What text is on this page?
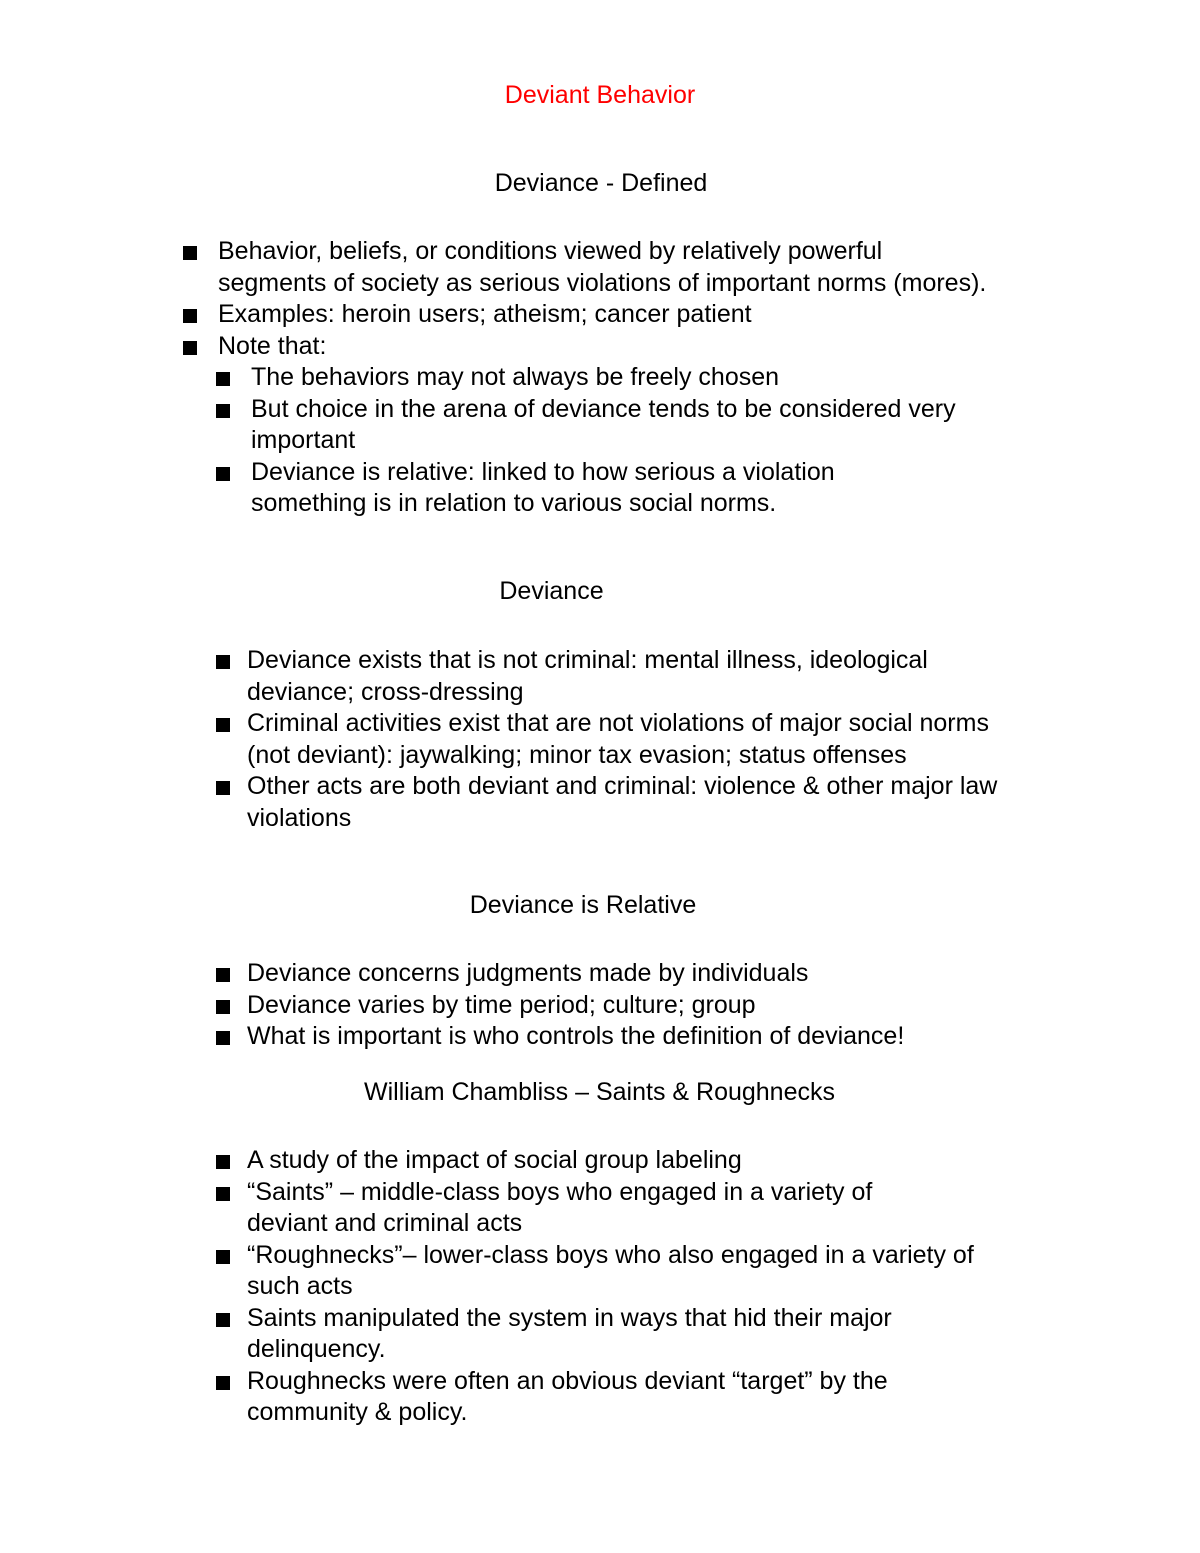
Deviant Behavior
Deviance - Defined
Behavior, beliefs, or conditions viewed by relatively powerful segments of society as serious violations of important norms (mores).
Examples: heroin users; atheism; cancer patient
Note that:
The behaviors may not always be freely chosen
But choice in the arena of deviance tends to be considered very important
Deviance is relative: linked to how serious a violation something is in relation to various social norms.
Deviance
Deviance exists that is not criminal: mental illness, ideological deviance; cross-dressing
Criminal activities exist that are not violations of major social norms (not deviant): jaywalking; minor tax evasion; status offenses
Other acts are both deviant and criminal: violence & other major law violations
Deviance is Relative
Deviance concerns judgments made by individuals
Deviance varies by time period; culture; group
What is important is who controls the definition of deviance!
William Chambliss – Saints & Roughnecks
A study of the impact of social group labeling
“Saints” – middle-class boys who engaged in a variety of deviant and criminal acts
“Roughnecks”– lower-class boys who also engaged in a variety of such acts
Saints manipulated the system in ways that hid their major delinquency.
Roughnecks were often an obvious deviant “target” by the community & policy.
